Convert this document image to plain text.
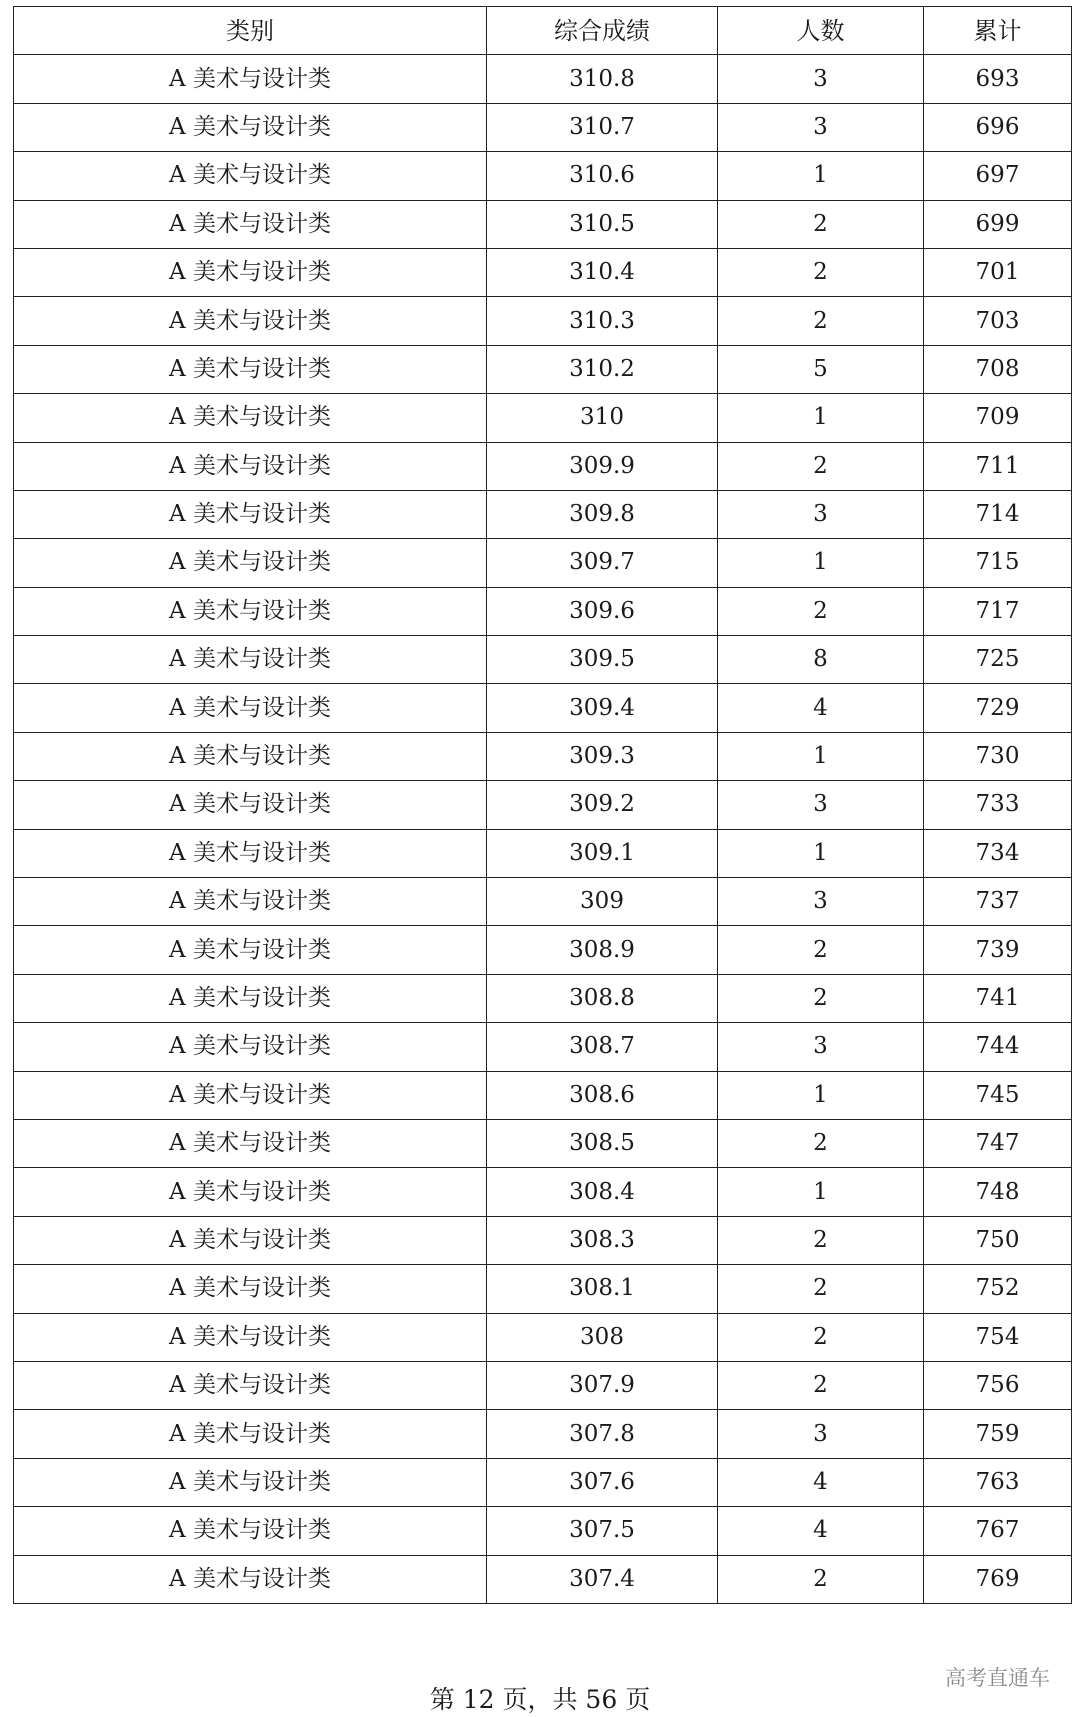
类别	综合成绩	人数	累计
A 美术与设计类	310.8	3	693
A 美术与设计类	310.7	3	696
A 美术与设计类	310.6	1	697
A 美术与设计类	310.5	2	699
A 美术与设计类	310.4	2	701
A 美术与设计类	310.3	2	703
A 美术与设计类	310.2	5	708
A 美术与设计类	310	1	709
A 美术与设计类	309.9	2	711
A 美术与设计类	309.8	3	714
A 美术与设计类	309.7	1	715
A 美术与设计类	309.6	2	717
A 美术与设计类	309.5	8	725
A 美术与设计类	309.4	4	729
A 美术与设计类	309.3	1	730
A 美术与设计类	309.2	3	733
A 美术与设计类	309.1	1	734
A 美术与设计类	309	3	737
A 美术与设计类	308.9	2	739
A 美术与设计类	308.8	2	741
A 美术与设计类	308.7	3	744
A 美术与设计类	308.6	1	745
A 美术与设计类	308.5	2	747
A 美术与设计类	308.4	1	748
A 美术与设计类	308.3	2	750
A 美术与设计类	308.1	2	752
A 美术与设计类	308	2	754
A 美术与设计类	307.9	2	756
A 美术与设计类	307.8	3	759
A 美术与设计类	307.6	4	763
A 美术与设计类	307.5	4	767
A 美术与设计类	307.4	2	769
第 12 页，共 56 页
高考直通车
